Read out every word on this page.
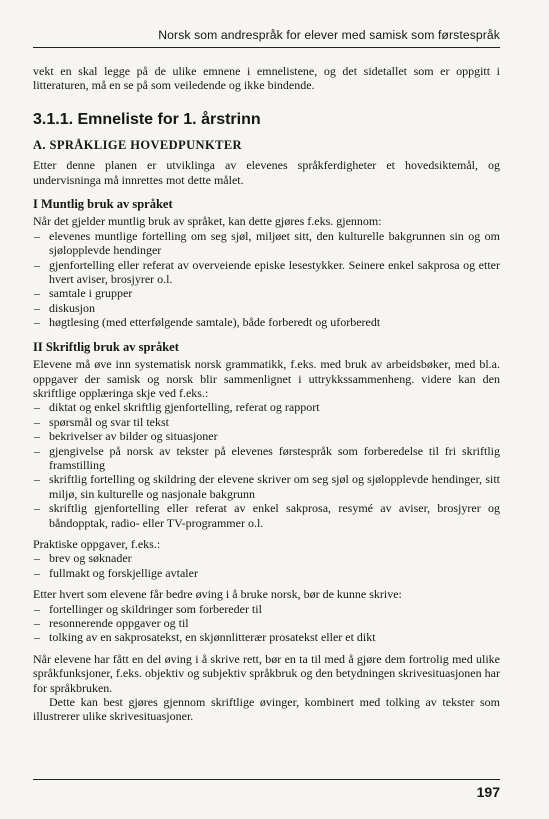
Norsk som andrespråk for elever med samisk som førstespråk

vekt en skal legge på de ulike emnene i emnelistene, og det sidetallet som er oppgitt i litteraturen, må en se på som veiledende og ikke bindende.

3.1.1. Emneliste for 1. årstrinn
A. SPRÅKLIGE HOVEDPUNKTER

Etter denne planen er utviklinga av elevenes språkferdigheter et hovedsiktemål, og undervisninga må innrettes mot dette målet.

I Muntlig bruk av språket

Når det gjelder muntlig bruk av språket, kan dette gjøres f.eks. gjennom:

– elevenes muntlige fortelling om seg sjøl, miljøet sitt, den kulturelle bakgrunnen sin og om sjølopplevde hendinger
– gjenfortelling eller referat av overveiende episke lesestykker. Seinere enkel sakprosa og etter hvert aviser, brosjyrer o.l.
– samtale i grupper
– diskusjon
– høgtlesing (med etterfølgende samtale), både forberedt og uforberedt
II Skriftlig bruk av språket

Elevene må øve inn systematisk norsk grammatikk, f.eks. med bruk av arbeidsbøker, med bl.a. oppgaver der samisk og norsk blir sammenlignet i uttrykkssammenheng. videre kan den skriftlige opplæringa skje ved f.eks.:

– diktat og enkel skriftlig gjenfortelling, referat og rapport
– spørsmål og svar til tekst
– bekrivelser av bilder og situasjoner
– gjengivelse på norsk av tekster på elevenes førstespråk som forberedelse til fri skriftlig framstilling
– skriftlig fortelling og skildring der elevene skriver om seg sjøl og sjølopplevde hendinger, sitt miljø, sin kulturelle og nasjonale bakgrunn
– skriftlig gjenfortelling eller referat av enkel sakprosa, resymé av aviser, brosjyrer og båndopptak, radio- eller TV-programmer o.l.

Praktiske oppgaver, f.eks.:

– brev og søknader
– fullmakt og forskjellige avtaler

Etter hvert som elevene får bedre øving i å bruke norsk, bør de kunne skrive:

– fortellinger og skildringer som forbereder til
– resonnerende oppgaver og til
– tolking av en sakprosatekst, en skjønnlitterær prosatekst eller et dikt

Når elevene har fått en del øving i å skrive rett, bør en ta til med å gjøre dem fortrolig med ulike språkfunksjoner, f.eks. objektiv og subjektiv språkbruk og den betydningen skrivesituasjonen har for språkbruken.

Dette kan best gjøres gjennom skriftlige øvinger, kombinert med tolking av tekster som illustrerer ulike skrivesituasjoner.

197
